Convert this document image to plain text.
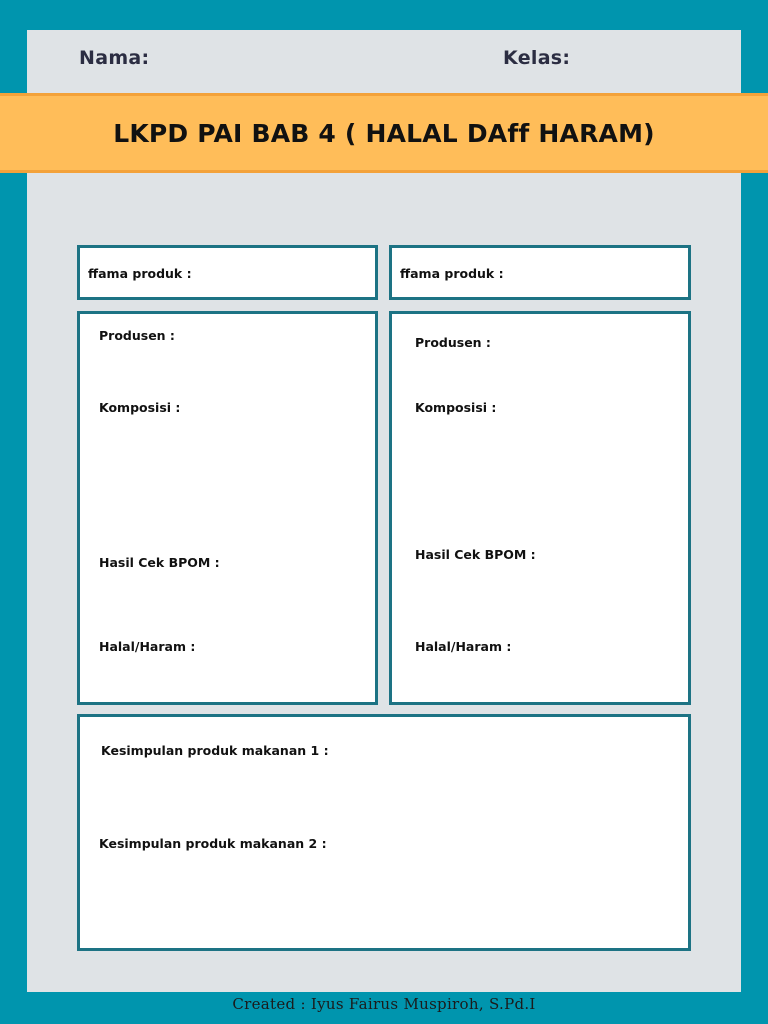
Nama:	Kelas:
LKPD PAI BAB 4 ( HALAL DAff HARAM)
ffama produk :	ffama produk :
Produsen :
Komposisi :
Hasil Cek BPOM :
Halal/Haram :
Produsen :
Komposisi :
Hasil Cek BPOM :
Halal/Haram :
Kesimpulan produk makanan 1 :
Kesimpulan produk makanan 2 :
Created : Iyus Fairus Muspiroh, S.Pd.I
